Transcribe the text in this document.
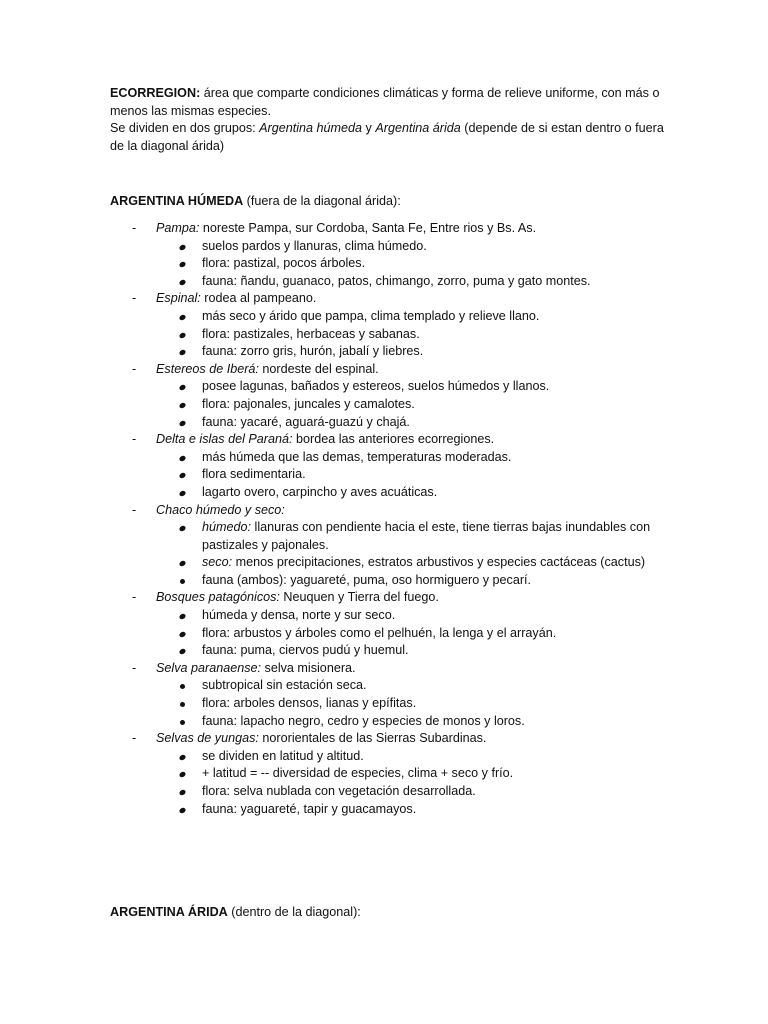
ECORREGION: área que comparte condiciones climáticas y forma de relieve uniforme, con más o menos las mismas especies.

Se dividen en dos grupos: Argentina húmeda y Argentina árida (depende de si estan dentro o fuera de la diagonal árida)

ARGENTINA HÚMEDA (fuera de la diagonal árida):
- Pampa: noreste Pampa, sur Cordoba, Santa Fe, Entre rios y Bs. As.
suelos pardos y llanuras, clima húmedo.
flora: pastizal, pocos árboles.
fauna: ñandu, guanaco, patos, chimango, zorro, puma y gato montes.
- Espinal: rodea al pampeano.
más seco y árido que pampa, clima templado y relieve llano.
flora: pastizales, herbaceas y sabanas.
fauna: zorro gris, hurón, jabalí y liebres.
- Estereos de Iberá: nordeste del espinal.
posee lagunas, bañados y estereos, suelos húmedos y llanos.
flora: pajonales, juncales y camalotes.
fauna: yacaré, aguará-guazú y chajá.
- Delta e islas del Paraná: bordea las anteriores ecorregiones.
más húmeda que las demas, temperaturas moderadas.
flora sedimentaria.
lagarto overo, carpincho y aves acuáticas.
- Chaco húmedo y seco:
húmedo: llanuras con pendiente hacia el este, tiene tierras bajas inundables con pastizales y pajonales.
seco: menos precipitaciones, estratos arbustivos y especies cactáceas (cactus)
fauna (ambos): yaguareté, puma, oso hormiguero y pecarí.
- Bosques patagónicos: Neuquen y Tierra del fuego.
húmeda y densa, norte y sur seco.
flora: arbustos y árboles como el pelhuén, la lenga y el arrayán.
fauna: puma, ciervos pudú y huemul.
- Selva paranaense: selva misionera.
subtropical sin estación seca.
flora: arboles densos, lianas y epífitas.
fauna: lapacho negro, cedro y especies de monos y loros.
- Selvas de yungas: nororientales de las Sierras Subardinas.
se dividen en latitud y altitud.
+ latitud = -- diversidad de especies, clima + seco y frío.
flora: selva nublada con vegetación desarrollada.
fauna: yaguareté, tapir y guacamayos.
ARGENTINA ÁRIDA (dentro de la diagonal):
